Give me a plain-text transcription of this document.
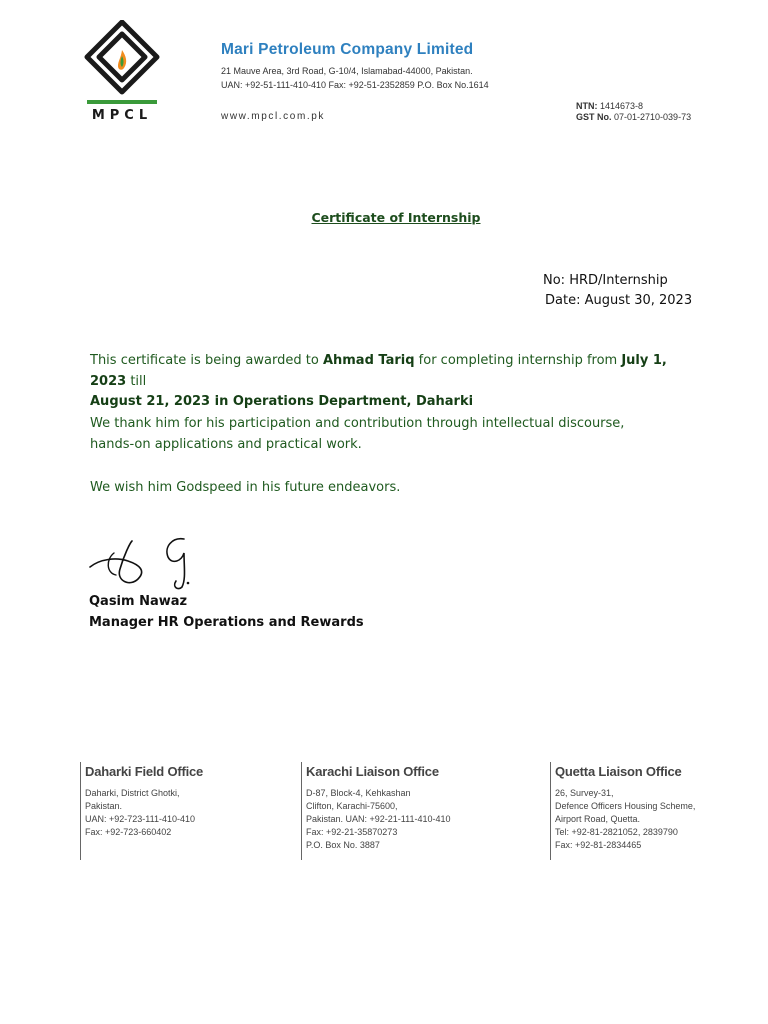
MPCL
Mari Petroleum Company Limited
21 Mauve Area, 3rd Road, G-10/4, Islamabad-44000, Pakistan.
UAN: +92-51-111-410-410 Fax: +92-51-2352859 P.O. Box No.1614
www.mpcl.com.pk
NTN: 1414673-8
GST No. 07-01-2710-039-73
Certificate of Internship
No: HRD/Internship
Date: August 30, 2023
This certificate is being awarded to Ahmad Tariq for completing internship from July 1, 2023 till
August 21, 2023 in Operations Department, Daharki
We thank him for his participation and contribution through intellectual discourse, hands-on applications and practical work.
We wish him Godspeed in his future endeavors.
Qasim Nawaz
Manager HR Operations and Rewards
Daharki Field Office
Daharki, District Ghotki,
Pakistan.
UAN: +92-723-111-410-410
Fax: +92-723-660402
Karachi Liaison Office
D-87, Block-4, Kehkashan
Clifton, Karachi-75600,
Pakistan. UAN: +92-21-111-410-410
Fax: +92-21-35870273
P.O. Box No. 3887
Quetta Liaison Office
26, Survey-31,
Defence Officers Housing Scheme,
Airport Road, Quetta.
Tel: +92-81-2821052, 2839790
Fax: +92-81-2834465
